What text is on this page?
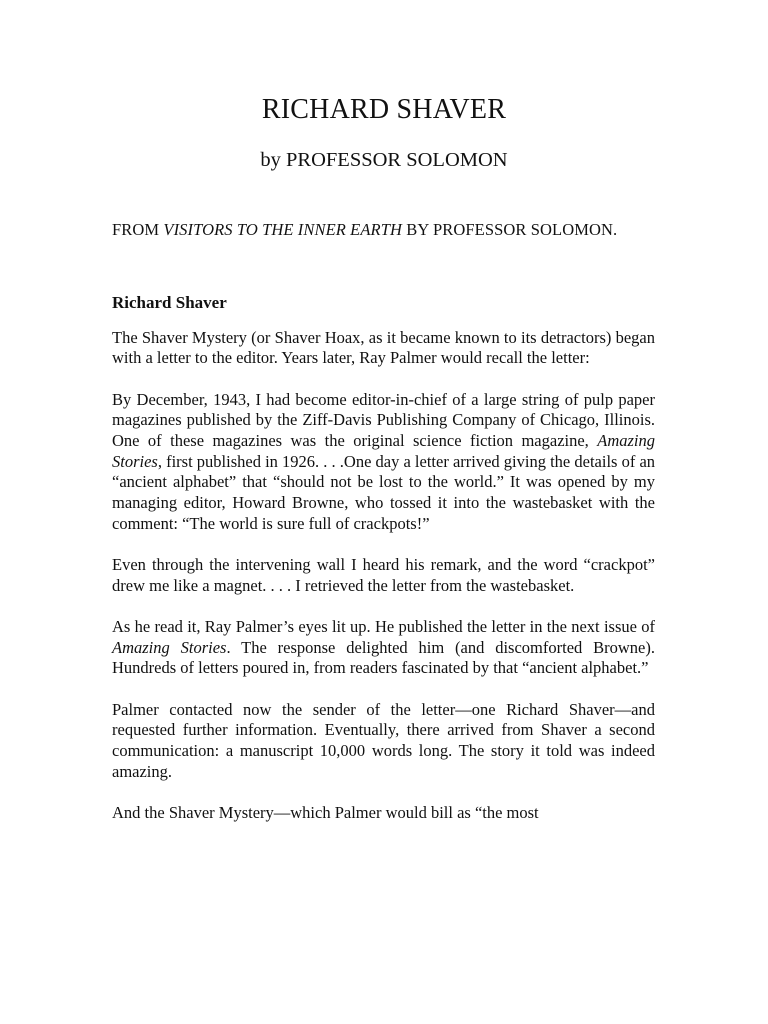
RICHARD SHAVER
by PROFESSOR SOLOMON

FROM VISITORS TO THE INNER EARTH BY PROFESSOR SOLOMON.

Richard Shaver

The Shaver Mystery (or Shaver Hoax, as it became known to its detractors) began with a letter to the editor. Years later, Ray Palmer would recall the letter:

By December, 1943, I had become editor-in-chief of a large string of pulp paper magazines published by the Ziff-Davis Publishing Company of Chicago, Illinois. One of these magazines was the original science fiction magazine, Amazing Stories, first published in 1926. . . .One day a letter arrived giving the details of an “ancient alphabet” that “should not be lost to the world.” It was opened by my managing editor, Howard Browne, who tossed it into the wastebasket with the comment: “The world is sure full of crackpots!”

Even through the intervening wall I heard his remark, and the word “crackpot” drew me like a magnet. . . . I retrieved the letter from the wastebasket.

As he read it, Ray Palmer’s eyes lit up. He published the letter in the next issue of Amazing Stories. The response delighted him (and discomforted Browne). Hundreds of letters poured in, from readers fascinated by that “ancient alphabet.”

Palmer contacted now the sender of the letter—one Richard Shaver—and requested further information. Eventually, there arrived from Shaver a second communication: a manuscript 10,000 words long. The story it told was indeed amazing.

And the Shaver Mystery—which Palmer would bill as “the most
